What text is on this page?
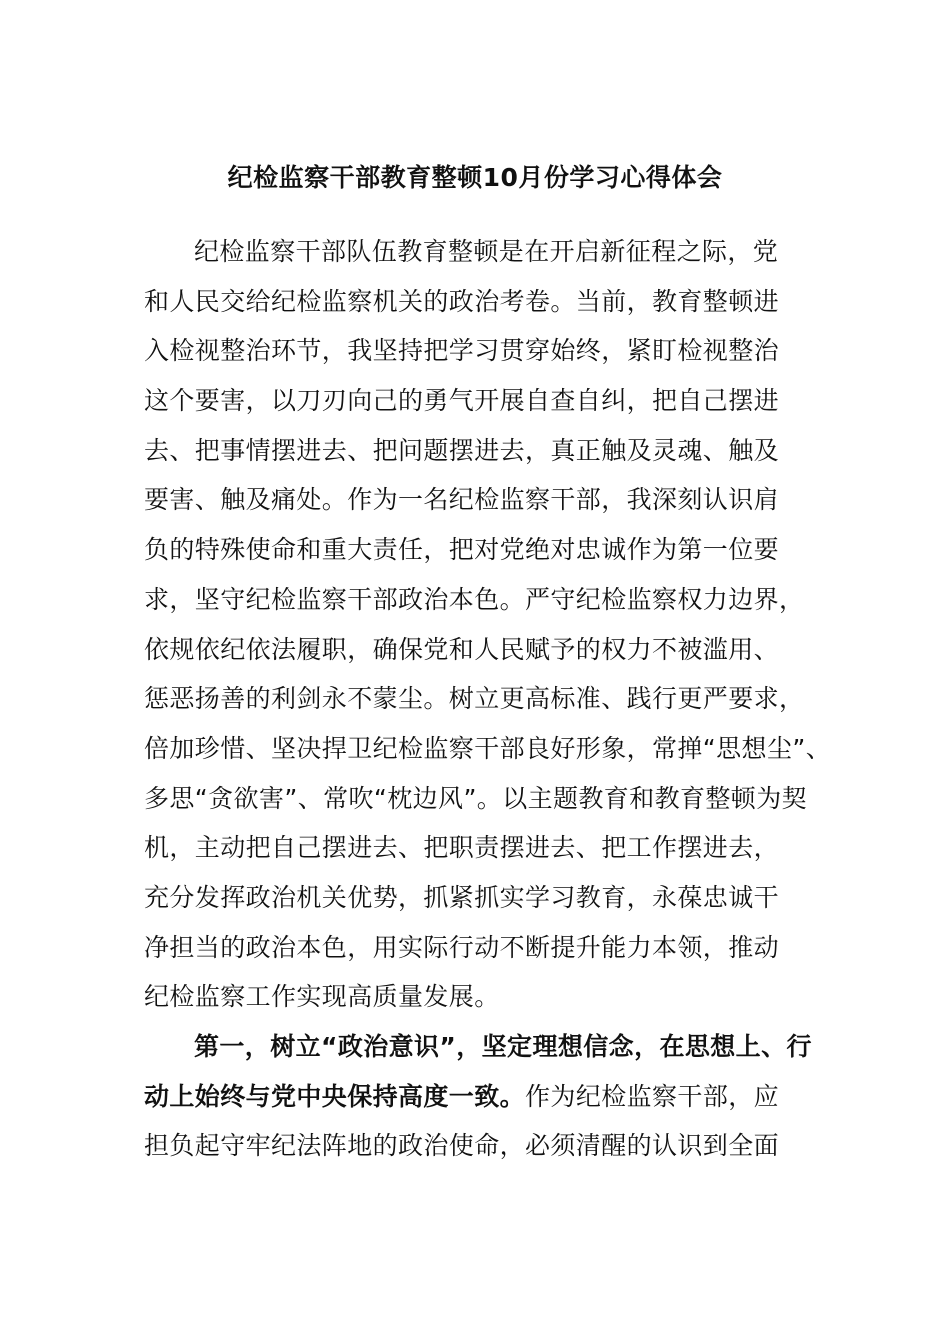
纪检监察干部教育整顿10月份学习心得体会
纪检监察干部队伍教育整顿是在开启新征程之际，党
和人民交给纪检监察机关的政治考卷。当前，教育整顿进
入检视整治环节，我坚持把学习贯穿始终，紧盯检视整治
这个要害，以刀刃向己的勇气开展自查自纠，把自己摆进
去、把事情摆进去、把问题摆进去，真正触及灵魂、触及
要害、触及痛处。作为一名纪检监察干部，我深刻认识肩
负的特殊使命和重大责任，把对党绝对忠诚作为第一位要
求，坚守纪检监察干部政治本色。严守纪检监察权力边界，
依规依纪依法履职，确保党和人民赋予的权力不被滥用、
惩恶扬善的利剑永不蒙尘。树立更高标准、践行更严要求，
倍加珍惜、坚决捍卫纪检监察干部良好形象，常掸“思想尘”、
多思“贪欲害”、常吹“枕边风”。以主题教育和教育整顿为契
机，主动把自己摆进去、把职责摆进去、把工作摆进去，
充分发挥政治机关优势，抓紧抓实学习教育，永葆忠诚干
净担当的政治本色，用实际行动不断提升能力本领，推动
纪检监察工作实现高质量发展。
第一，树立“政治意识”，坚定理想信念，在思想上、行
动上始终与党中央保持高度一致。作为纪检监察干部，应
担负起守牢纪法阵地的政治使命，必须清醒的认识到全面
